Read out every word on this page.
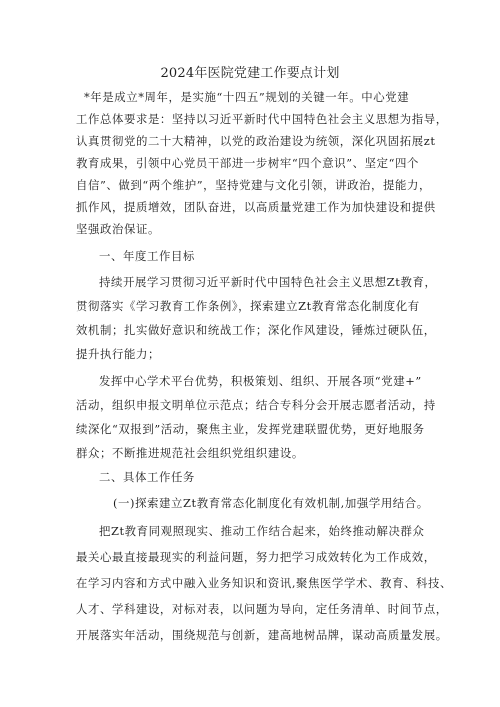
2024年医院党建工作要点计划

*年是成立*周年，是实施“十四五”规划的关键一年。中心党建

工作总体要求是：坚持以习近平新时代中国特色社会主义思想为指导，

认真贯彻党的二十大精神，以党的政治建设为统领，深化巩固拓展zt

教育成果，引领中心党员干部进一步树牢“四个意识”、坚定“四个

自信”、做到“两个维护”，坚持党建与文化引领，讲政治，提能力，

抓作风，提质增效，团队奋进，以高质量党建工作为加快建设和提供

坚强政治保证。

一、年度工作目标

持续开展学习贯彻习近平新时代中国特色社会主义思想Zt教育，

贯彻落实《学习教育工作条例》，探索建立Zt教育常态化制度化有

效机制；扎实做好意识和统战工作；深化作风建设，锤炼过硬队伍，

提升执行能力；

发挥中心学术平台优势，积极策划、组织、开展各项“党建+”

活动，组织申报文明单位示范点；结合专科分会开展志愿者活动，持

续深化“双报到”活动，聚焦主业，发挥党建联盟优势，更好地服务

群众；不断推进规范社会组织党组织建设。

二、具体工作任务

(一)探索建立Zt教育常态化制度化有效机制,加强学用结合。

把Zt教育同观照现实、推动工作结合起来，始终推动解决群众

最关心最直接最现实的利益问题，努力把学习成效转化为工作成效，

在学习内容和方式中融入业务知识和资讯,聚焦医学学术、教育、科技、

人才、学科建设，对标对表，以问题为导向，定任务清单、时间节点，

开展落实年活动，围绕规范与创新，建高地树品牌，谋动高质量发展。
